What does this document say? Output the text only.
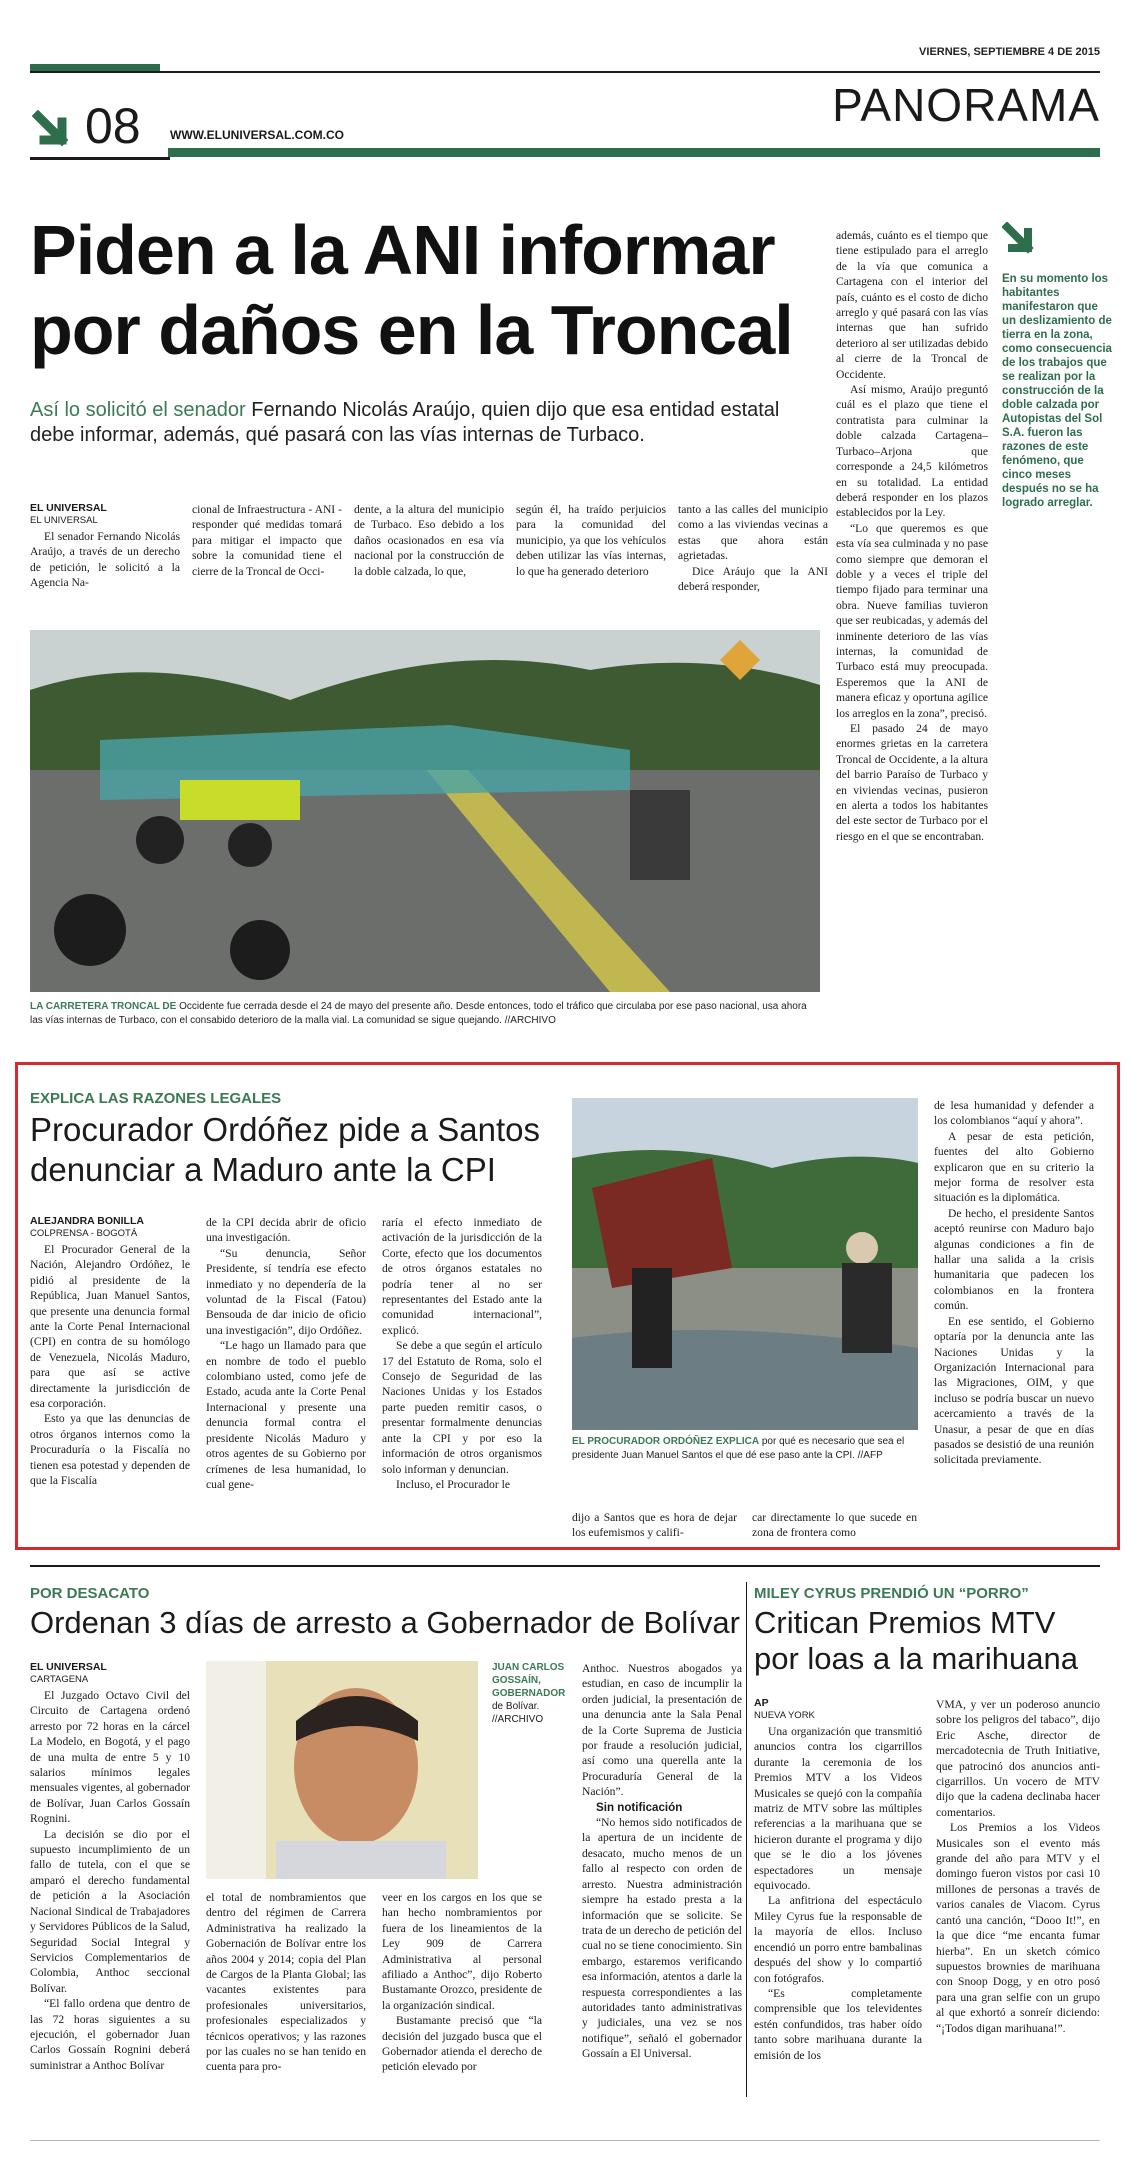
VIERNES, SEPTIEMBRE 4 DE 2015
PANORAMA
08 WWW.ELUNIVERSAL.COM.CO
Piden a la ANI informar
por daños en la Troncal
Así lo solicitó el senador Fernando Nicolás Araújo, quien dijo que esa entidad estatal debe informar, además, qué pasará con las vías internas de Turbaco.
EL UNIVERSAL
EL UNIVERSAL

El senador Fernando Nicolás Araújo, a través de un derecho de petición, le solicitó a la Agencia Na-

cional de Infraestructura - ANI - responder qué medidas tomará para mitigar el impacto que sobre la comunidad tiene el cierre de la Troncal de Occi-

dente, a la altura del municipio de Turbaco. Eso debido a los daños ocasionados en esa vía nacional por la construcción de la doble calzada, lo que,

según él, ha traído perjuicios para la comunidad del municipio, ya que los vehículos deben utilizar las vías internas, lo que ha generado deterioro

tanto a las calles del municipio como a las viviendas vecinas a estas que ahora están agrietadas.

Dice Aráujo que la ANI deberá responder,

LA CARRETERA TRONCAL DE Occidente fue cerrada desde el 24 de mayo del presente año. Desde entonces, todo el tráfico que circulaba por ese paso nacional, usa ahora las vías internas de Turbaco, con el consabido deterioro de la malla vial. La comunidad se sigue quejando. //ARCHIVO

además, cuánto es el tiempo que tiene estipulado para el arreglo de la vía que comunica a Cartagena con el interior del país, cuánto es el costo de dicho arreglo y qué pasará con las vías internas que han sufrido deterioro al ser utilizadas debido al cierre de la Troncal de Occidente.

Así mismo, Araújo preguntó cuál es el plazo que tiene el contratista para culminar la doble calzada Cartagena–Turbaco–Arjona que corresponde a 24,5 kilómetros en su totalidad. La entidad deberá responder en los plazos establecidos por la Ley.

“Lo que queremos es que esta vía sea culminada y no pase como siempre que demoran el doble y a veces el triple del tiempo fijado para terminar una obra. Nueve familias tuvieron que ser reubicadas, y además del inminente deterioro de las vías internas, la comunidad de Turbaco está muy preocupada. Esperemos que la ANI de manera eficaz y oportuna agilice los arreglos en la zona”, precisó.

El pasado 24 de mayo enormes grietas en la carretera Troncal de Occidente, a la altura del barrio Paraíso de Turbaco y en viviendas vecinas, pusieron en alerta a todos los habitantes del este sector de Turbaco por el riesgo en el que se encontraban.

En su momento los habitantes manifestaron que un deslizamiento de tierra en la zona, como consecuencia de los trabajos que se realizan por la construcción de la doble calzada por Autopistas del Sol S.A. fueron las razones de este fenómeno, que cinco meses después no se ha logrado arreglar.
EXPLICA LAS RAZONES LEGALES
Procurador Ordóñez pide a Santos denunciar a Maduro ante la CPI
ALEJANDRA BONILLA
COLPRENSA - BOGOTÁ

El Procurador General de la Nación, Alejandro Ordóñez, le pidió al presidente de la República, Juan Manuel Santos, que presente una denuncia formal ante la Corte Penal Internacional (CPI) en contra de su homólogo de Venezuela, Nicolás Maduro, para que así se active directamente la jurisdicción de esa corporación.

Esto ya que las denuncias de otros órganos internos como la Procuraduría o la Fiscalía no tienen esa potestad y dependen de que la Fiscalía

de la CPI decida abrir de oficio una investigación.

“Su denuncia, Señor Presidente, sí tendría ese efecto inmediato y no dependería de la voluntad de la Fiscal (Fatou) Bensouda de dar inicio de oficio una investigación”, dijo Ordóñez.

“Le hago un llamado para que en nombre de todo el pueblo colombiano usted, como jefe de Estado, acuda ante la Corte Penal Internacional y presente una denuncia formal contra el presidente Nicolás Maduro y otros agentes de su Gobierno por crímenes de lesa humanidad, lo cual gene-

raría el efecto inmediato de activación de la jurisdicción de la Corte, efecto que los documentos de otros órganos estatales no podría tener al no ser representantes del Estado ante la comunidad internacional”, explicó.

Se debe a que según el artículo 17 del Estatuto de Roma, solo el Consejo de Seguridad de las Naciones Unidas y los Estados parte pueden remitir casos, o presentar formalmente denuncias ante la CPI y por eso la información de otros organismos solo informan y denuncian.

Incluso, el Procurador le

EL PROCURADOR ORDÓÑEZ EXPLICA por qué es necesario que sea el presidente Juan Manuel Santos el que dé ese paso ante la CPI. //AFP

dijo a Santos que es hora de dejar los eufemismos y califi-

car directamente lo que sucede en zona de frontera como

de lesa humanidad y defender a los colombianos “aquí y ahora”.

A pesar de esta petición, fuentes del alto Gobierno explicaron que en su criterio la mejor forma de resolver esta situación es la diplomática.

De hecho, el presidente Santos aceptó reunirse con Maduro bajo algunas condiciones a fin de hallar una salida a la crisis humanitaria que padecen los colombianos en la frontera común.

En ese sentido, el Gobierno optaría por la denuncia ante las Naciones Unidas y la Organización Internacional para las Migraciones, OIM, y que incluso se podría buscar un nuevo acercamiento a través de la Unasur, a pesar de que en días pasados se desistió de una reunión solicitada previamente.

POR DESACATO
Ordenan 3 días de arresto a Gobernador de Bolívar
EL UNIVERSAL
CARTAGENA

El Juzgado Octavo Civil del Circuito de Cartagena ordenó arresto por 72 horas en la cárcel La Modelo, en Bogotá, y el pago de una multa de entre 5 y 10 salarios mínimos legales mensuales vigentes, al gobernador de Bolívar, Juan Carlos Gossaín Rognini.

La decisión se dio por el supuesto incumplimiento de un fallo de tutela, con el que se amparó el derecho fundamental de petición a la Asociación Nacional Sindical de Trabajadores y Servidores Públicos de la Salud, Seguridad Social Integral y Servicios Complementarios de Colombia, Anthoc seccional Bolívar.

“El fallo ordena que dentro de las 72 horas siguientes a su ejecución, el gobernador Juan Carlos Gossaín Rognini deberá suministrar a Anthoc Bolívar

JUAN CARLOS GOSSAÍN, GOBERNADOR de Bolívar. //ARCHIVO

el total de nombramientos que dentro del régimen de Carrera Administrativa ha realizado la Gobernación de Bolívar entre los años 2004 y 2014; copia del Plan de Cargos de la Planta Global; las vacantes existentes para profesionales universitarios, profesionales especializados y técnicos operativos; y las razones por las cuales no se han tenido en cuenta para pro-

veer en los cargos en los que se han hecho nombramientos por fuera de los lineamientos de la Ley 909 de Carrera Administrativa al personal afiliado a Anthoc”, dijo Roberto Bustamante Orozco, presidente de la organización sindical.

Bustamante precisó que “la decisión del juzgado busca que el Gobernador atienda el derecho de petición elevado por

Anthoc. Nuestros abogados ya estudian, en caso de incumplir la orden judicial, la presentación de una denuncia ante la Sala Penal de la Corte Suprema de Justicia por fraude a resolución judicial, así como una querella ante la Procuraduría General de la Nación”.

Sin notificación

“No hemos sido notificados de la apertura de un incidente de desacato, mucho menos de un fallo al respecto con orden de arresto. Nuestra administración siempre ha estado presta a la información que se solicite. Se trata de un derecho de petición del cual no se tiene conocimiento. Sin embargo, estaremos verificando esa información, atentos a darle la respuesta correspondientes a las autoridades tanto administrativas y judiciales, una vez se nos notifique”, señaló el gobernador Gossaín a El Universal.

MILEY CYRUS PRENDIÓ UN “PORRO”
Critican Premios MTV por loas a la marihuana
AP
NUEVA YORK

Una organización que transmitió anuncios contra los cigarrillos durante la ceremonia de los Premios MTV a los Videos Musicales se quejó con la compañía matriz de MTV sobre las múltiples referencias a la marihuana que se hicieron durante el programa y dijo que se le dio a los jóvenes espectadores un mensaje equivocado.

La anfitriona del espectáculo Miley Cyrus fue la responsable de la mayoría de ellos. Incluso encendió un porro entre bambalinas después del show y lo compartió con fotógrafos.

“Es completamente comprensible que los televidentes estén confundidos, tras haber oído tanto sobre marihuana durante la emisión de los

VMA, y ver un poderoso anuncio sobre los peligros del tabaco”, dijo Eric Asche, director de mercadotecnia de Truth Initiative, que patrocinó dos anuncios anti-cigarrillos. Un vocero de MTV dijo que la cadena declinaba hacer comentarios.

Los Premios a los Videos Musicales son el evento más grande del año para MTV y el domingo fueron vistos por casi 10 millones de personas a través de varios canales de Viacom. Cyrus cantó una canción, “Dooo It!”, en la que dice “me encanta fumar hierba”. En un sketch cómico supuestos brownies de marihuana con Snoop Dogg, y en otro posó para una gran selfie con un grupo al que exhortó a sonreír diciendo: “¡Todos digan marihuana!”.
